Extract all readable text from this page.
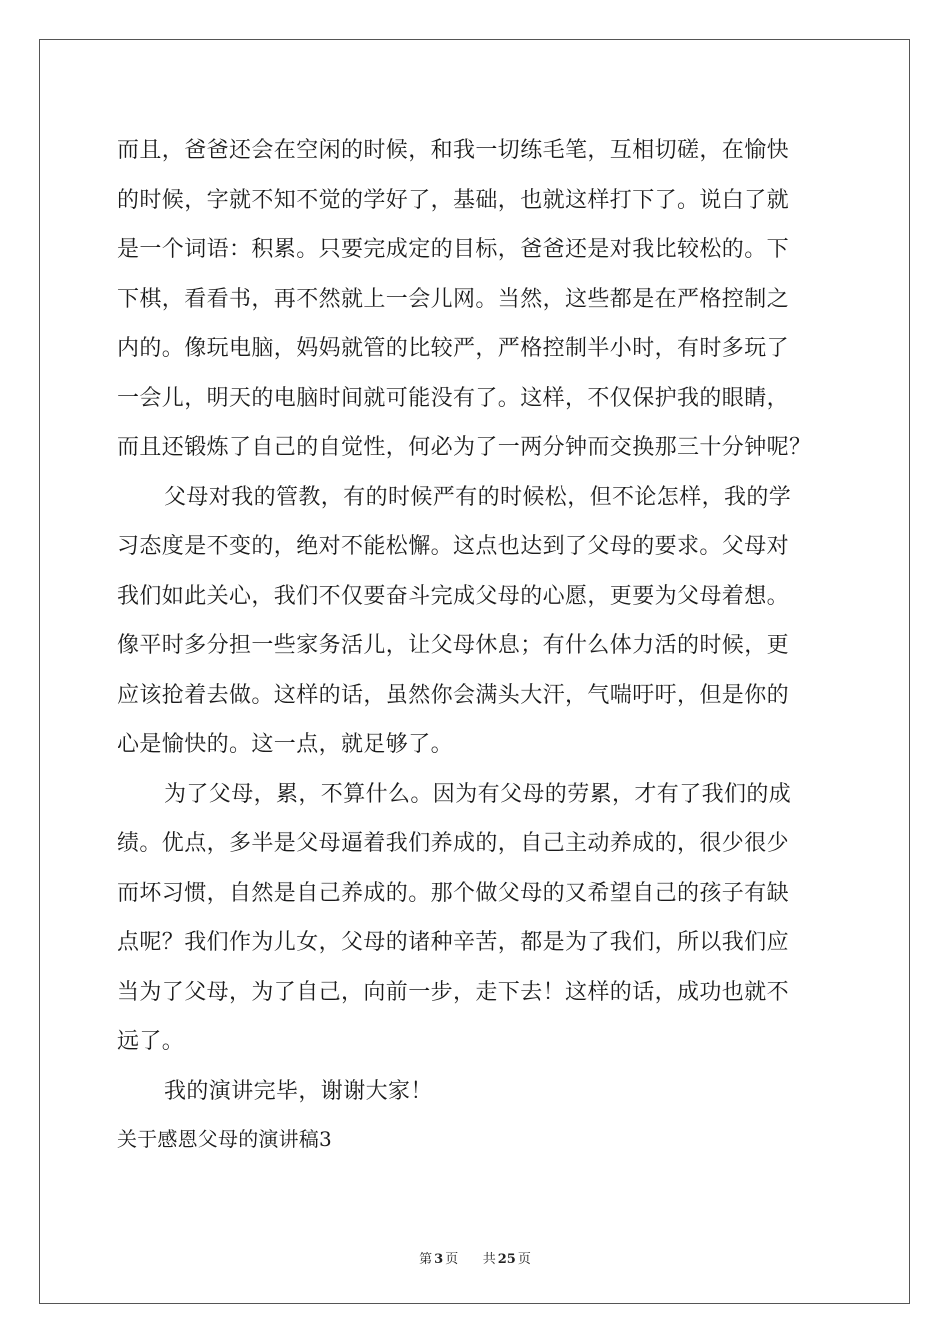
而且，爸爸还会在空闲的时候，和我一切练毛笔，互相切磋，在愉快
的时候，字就不知不觉的学好了，基础，也就这样打下了。说白了就
是一个词语：积累。只要完成定的目标，爸爸还是对我比较松的。下
下棋，看看书，再不然就上一会儿网。当然，这些都是在严格控制之
内的。像玩电脑，妈妈就管的比较严，严格控制半小时，有时多玩了
一会儿，明天的电脑时间就可能没有了。这样，不仅保护我的眼睛，
而且还锻炼了自己的自觉性，何必为了一两分钟而交换那三十分钟呢？
父母对我的管教，有的时候严有的时候松，但不论怎样，我的学
习态度是不变的，绝对不能松懈。这点也达到了父母的要求。父母对
我们如此关心，我们不仅要奋斗完成父母的心愿，更要为父母着想。
像平时多分担一些家务活儿，让父母休息；有什么体力活的时候，更
应该抢着去做。这样的话，虽然你会满头大汗，气喘吁吁，但是你的
心是愉快的。这一点，就足够了。
为了父母，累，不算什么。因为有父母的劳累，才有了我们的成
绩。优点，多半是父母逼着我们养成的，自己主动养成的，很少很少
而坏习惯，自然是自己养成的。那个做父母的又希望自己的孩子有缺
点呢？我们作为儿女，父母的诸种辛苦，都是为了我们，所以我们应
当为了父母，为了自己，向前一步，走下去！这样的话，成功也就不
远了。
我的演讲完毕，谢谢大家！
关于感恩父母的演讲稿3
第 3 页 共 25 页
